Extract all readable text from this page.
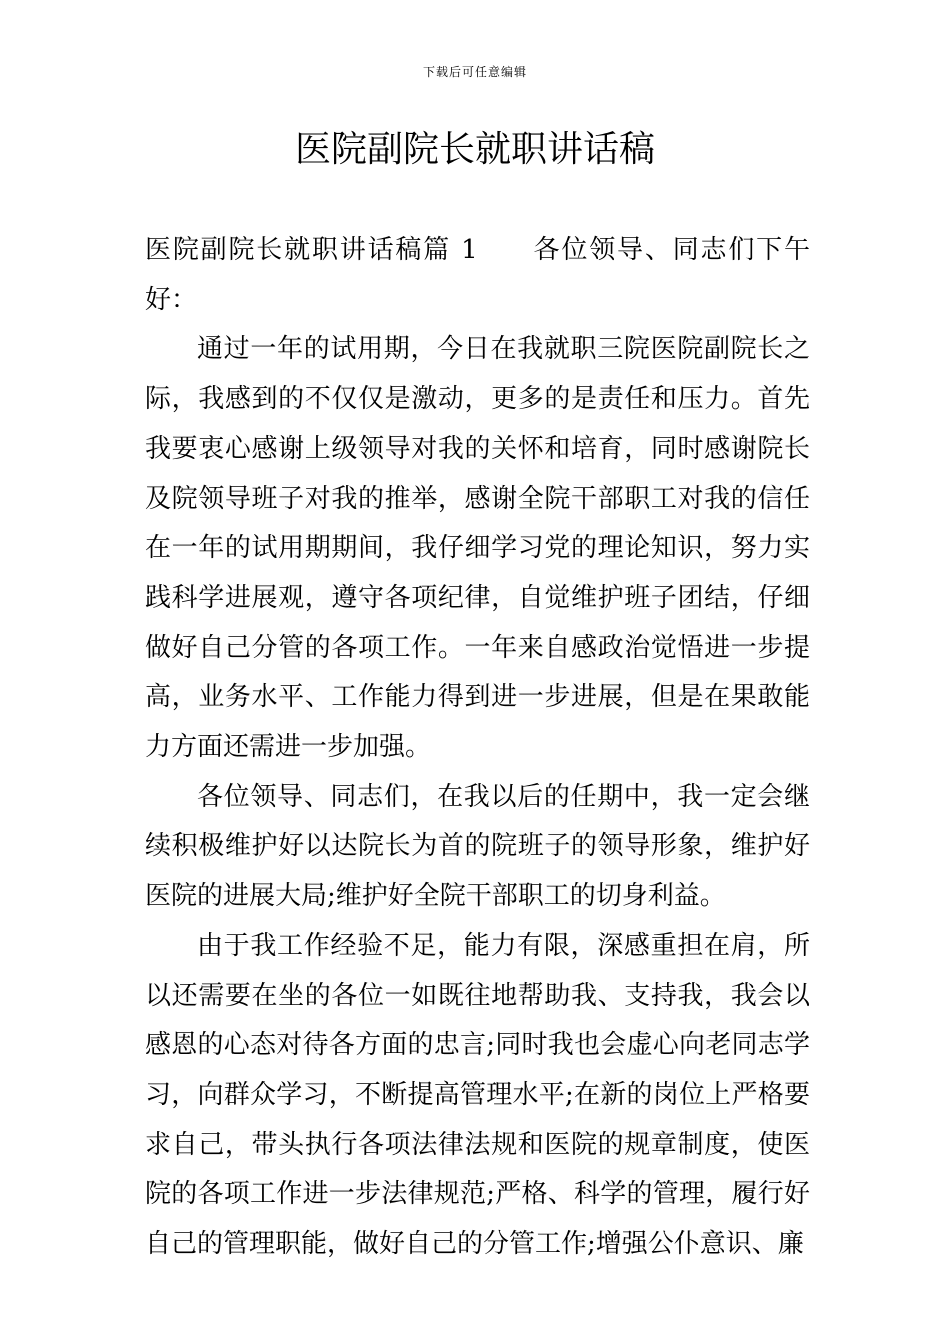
下载后可任意编辑
医院副院长就职讲话稿

医院副院长就职讲话稿篇 1 各位领导、同志们下午好：

通过一年的试用期，今日在我就职三院医院副院长之际，我感到的不仅仅是激动，更多的是责任和压力。首先我要衷心感谢上级领导对我的关怀和培育，同时感谢院长及院领导班子对我的推举，感谢全院干部职工对我的信任在一年的试用期期间，我仔细学习党的理论知识，努力实践科学进展观，遵守各项纪律，自觉维护班子团结，仔细做好自己分管的各项工作。一年来自感政治觉悟进一步提高，业务水平、工作能力得到进一步进展，但是在果敢能力方面还需进一步加强。

各位领导、同志们，在我以后的任期中，我一定会继续积极维护好以达院长为首的院班子的领导形象，维护好医院的进展大局;维护好全院干部职工的切身利益。

由于我工作经验不足，能力有限，深感重担在肩，所以还需要在坐的各位一如既往地帮助我、支持我，我会以感恩的心态对待各方面的忠言;同时我也会虚心向老同志学习，向群众学习，不断提高管理水平;在新的岗位上严格要求自己，带头执行各项法律法规和医院的规章制度，使医院的各项工作进一步法律规范;严格、科学的管理，履行好自己的管理职能，做好自己的分管工作;增强公仆意识、廉
